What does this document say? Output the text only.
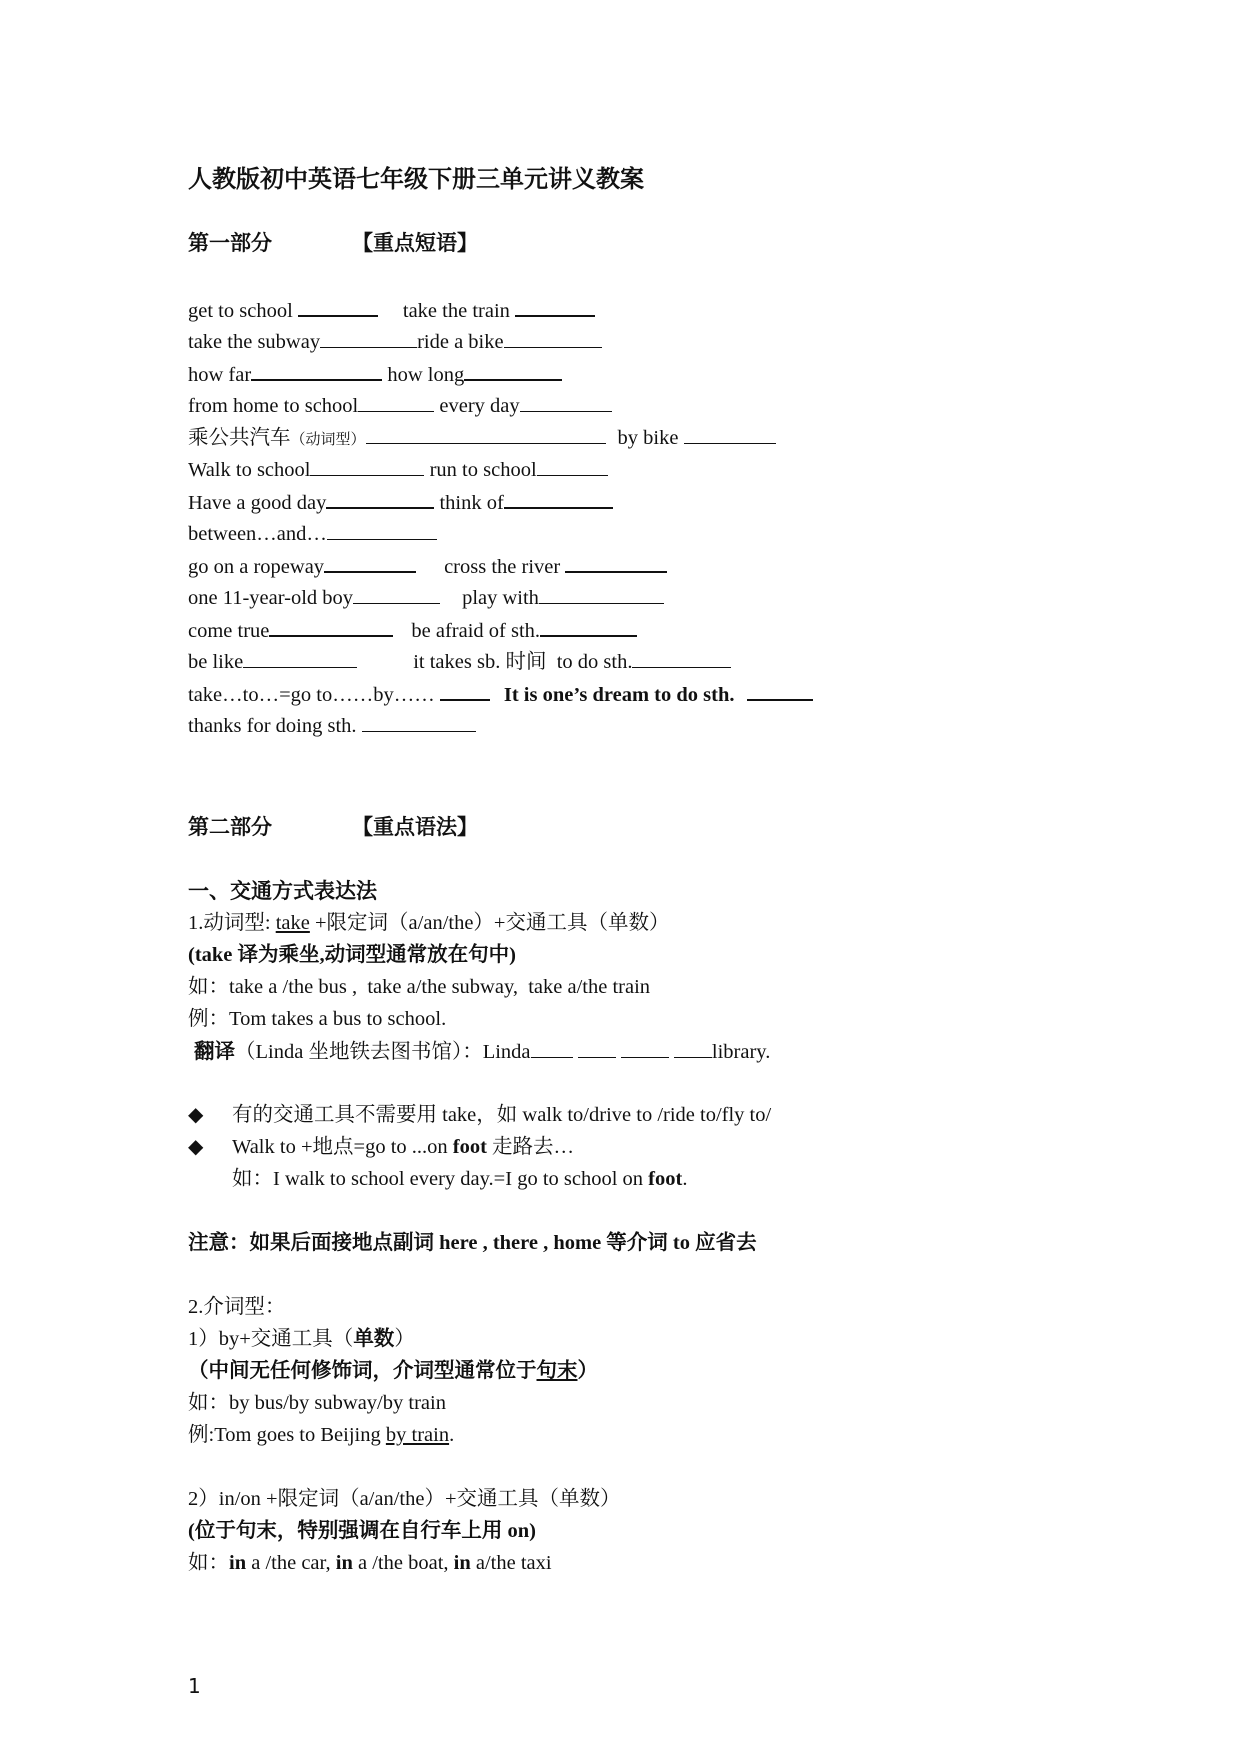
人教版初中英语七年级下册三单元讲义教案
第一部分	【重点短语】
get to school	take the train
take the subway	ride a bike
how far	how long
from home to school	every day
乘公共汽车（动词型）	by bike
Walk to school	run to school
Have a good day	think of
between…and…
go on a ropeway	cross the river
one 11-year-old boy	play with
come true	be afraid of sth.
be like	it takes sb. 时间  to do sth.
take…to…=go to……by……	It is one’s dream to do sth.
thanks for doing sth.
第二部分	【重点语法】
一、交通方式表达法
1.动词型: take +限定词（a/an/the）+交通工具（单数）
(take 译为乘坐,动词型通常放在句中)
如：take a /the bus ,  take a/the subway,  take a/the train
例：Tom takes a bus to school.
翻译（Linda 坐地铁去图书馆）：Linda	library.
◆ 有的交通工具不需要用 take，如 walk to/drive to /ride to/fly to/
◆ Walk to +地点=go to ...on foot 走路去…
如：I walk to school every day.=I go to school on foot.
注意：如果后面接地点副词 here , there , home 等介词 to 应省去
2.介词型：
1）by+交通工具（单数）
（中间无任何修饰词，介词型通常位于句末）
如：by bus/by subway/by train
例:Tom goes to Beijing by train.
2）in/on +限定词（a/an/the）+交通工具（单数）
(位于句末，特别强调在自行车上用 on)
如：in a /the car, in a /the boat, in a/the taxi
1
